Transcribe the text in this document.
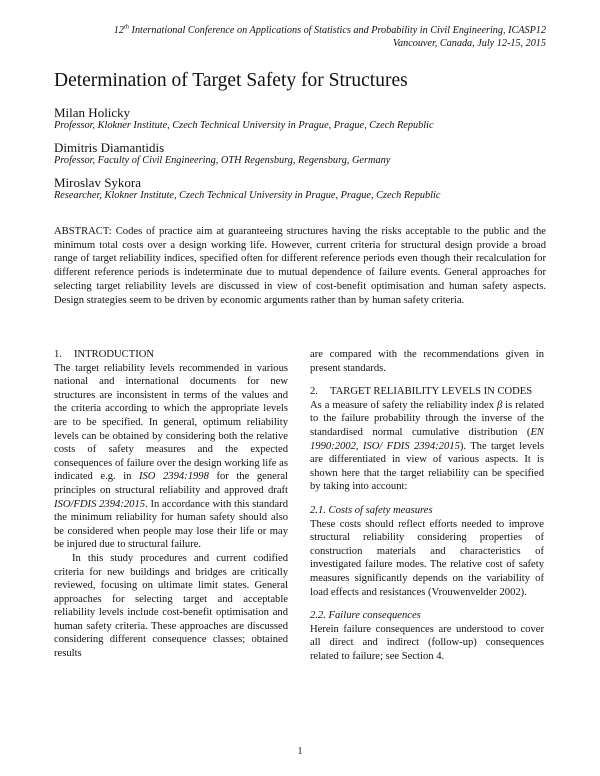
12th International Conference on Applications of Statistics and Probability in Civil Engineering, ICASP12
Vancouver, Canada, July 12-15, 2015
Determination of Target Safety for Structures
Milan Holicky
Professor, Klokner Institute, Czech Technical University in Prague, Prague, Czech Republic
Dimitris Diamantidis
Professor, Faculty of Civil Engineering, OTH Regensburg, Regensburg, Germany
Miroslav Sykora
Researcher, Klokner Institute, Czech Technical University in Prague, Prague, Czech Republic
ABSTRACT: Codes of practice aim at guaranteeing structures having the risks acceptable to the public and the minimum total costs over a design working life. However, current criteria for structural design provide a broad range of target reliability indices, specified often for different reference periods even though their recalculation for different reference periods is indeterminate due to mutual dependence of failure events. General approaches for selecting target reliability levels are discussed in view of cost-benefit optimisation and human safety aspects. Design strategies seem to be driven by economic arguments rather than by human safety criteria.
1.	INTRODUCTION

The target reliability levels recommended in various national and international documents for new structures are inconsistent in terms of the values and the criteria according to which the appropriate levels are to be specified. In general, optimum reliability levels can be obtained by considering both the relative costs of safety measures and the expected consequences of failure over the design working life as indicated e.g. in ISO 2394:1998 for the general principles on structural reliability and approved draft ISO/FDIS 2394:2015. In accordance with this standard the minimum reliability for human safety should also be considered when people may lose their life or may be injured due to structural failure.

In this study procedures and current codified criteria for new buildings and bridges are critically reviewed, focusing on ultimate limit states. General approaches for selecting target and acceptable reliability levels include cost-benefit optimisation and human safety criteria. These approaches are discussed considering different consequence classes; obtained results

are compared with the recommendations given in present standards.

2.	TARGET RELIABILITY LEVELS IN CODES

As a measure of safety the reliability index β is related to the failure probability through the inverse of the standardised normal cumulative distribution (EN 1990:2002, ISO/ FDIS 2394:2015). The target levels are differentiated in view of various aspects. It is shown here that the target reliability can be specified by taking into account:

2.1. Costs of safety measures

These costs should reflect efforts needed to improve structural reliability considering properties of construction materials and characteristics of investigated failure modes. The relative cost of safety measures significantly depends on the variability of load effects and resistances (Vrouwenvelder 2002).

2.2. Failure consequences

Herein failure consequences are understood to cover all direct and indirect (follow-up) consequences related to failure; see Section 4.

1
